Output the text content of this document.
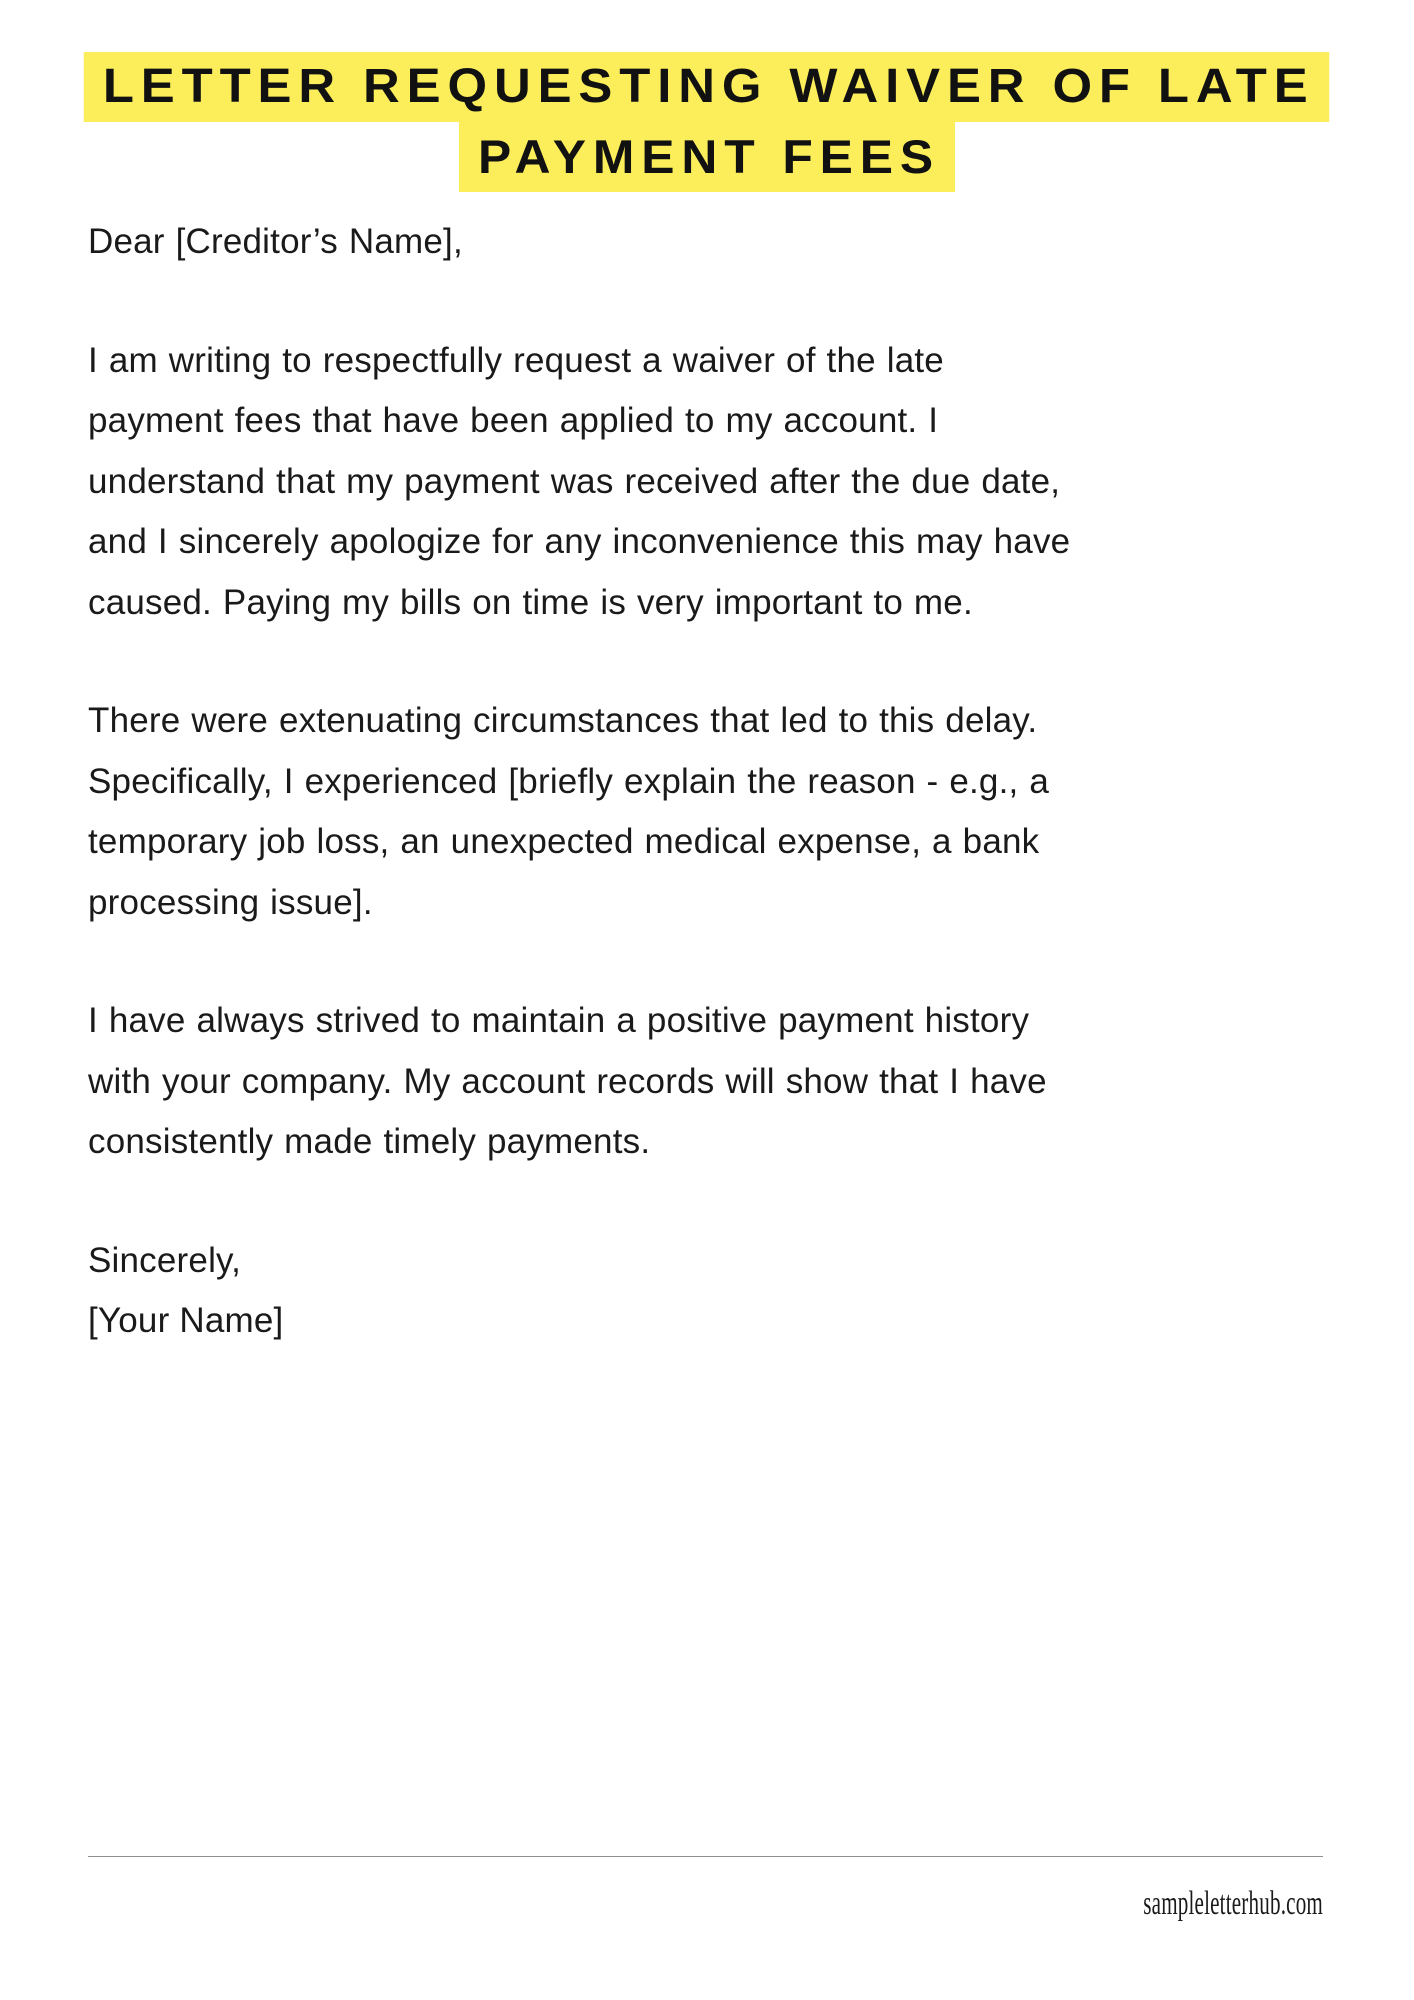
LETTER REQUESTING WAIVER OF LATE
PAYMENT FEES

Dear [Creditor’s Name],

I am writing to respectfully request a waiver of the late payment fees that have been applied to my account. I understand that my payment was received after the due date, and I sincerely apologize for any inconvenience this may have caused. Paying my bills on time is very important to me.

There were extenuating circumstances that led to this delay. Specifically, I experienced [briefly explain the reason - e.g., a temporary job loss, an unexpected medical expense, a bank processing issue].

I have always strived to maintain a positive payment history with your company. My account records will show that I have consistently made timely payments.

Sincerely,

[Your Name]

sampleletterhub.com
